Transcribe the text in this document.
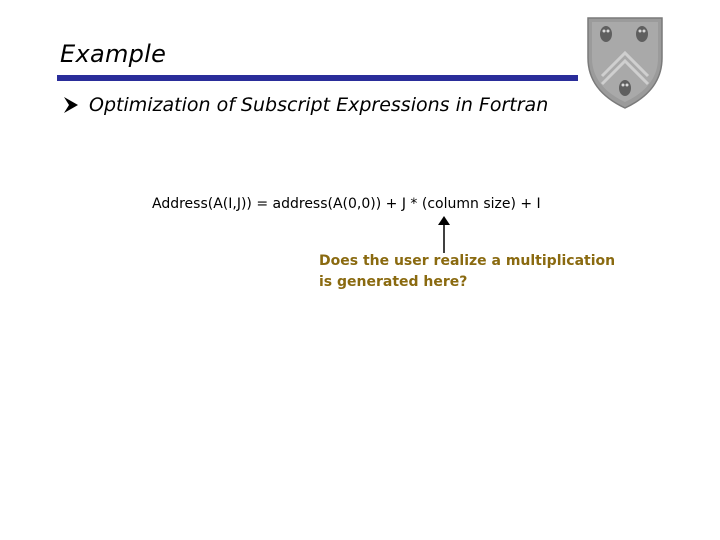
Example
Optimization of Subscript Expressions in Fortran
Address(A(I,J)) = address(A(0,0)) + J * (column size) + I
Does the user realize a multiplication
is generated here?
